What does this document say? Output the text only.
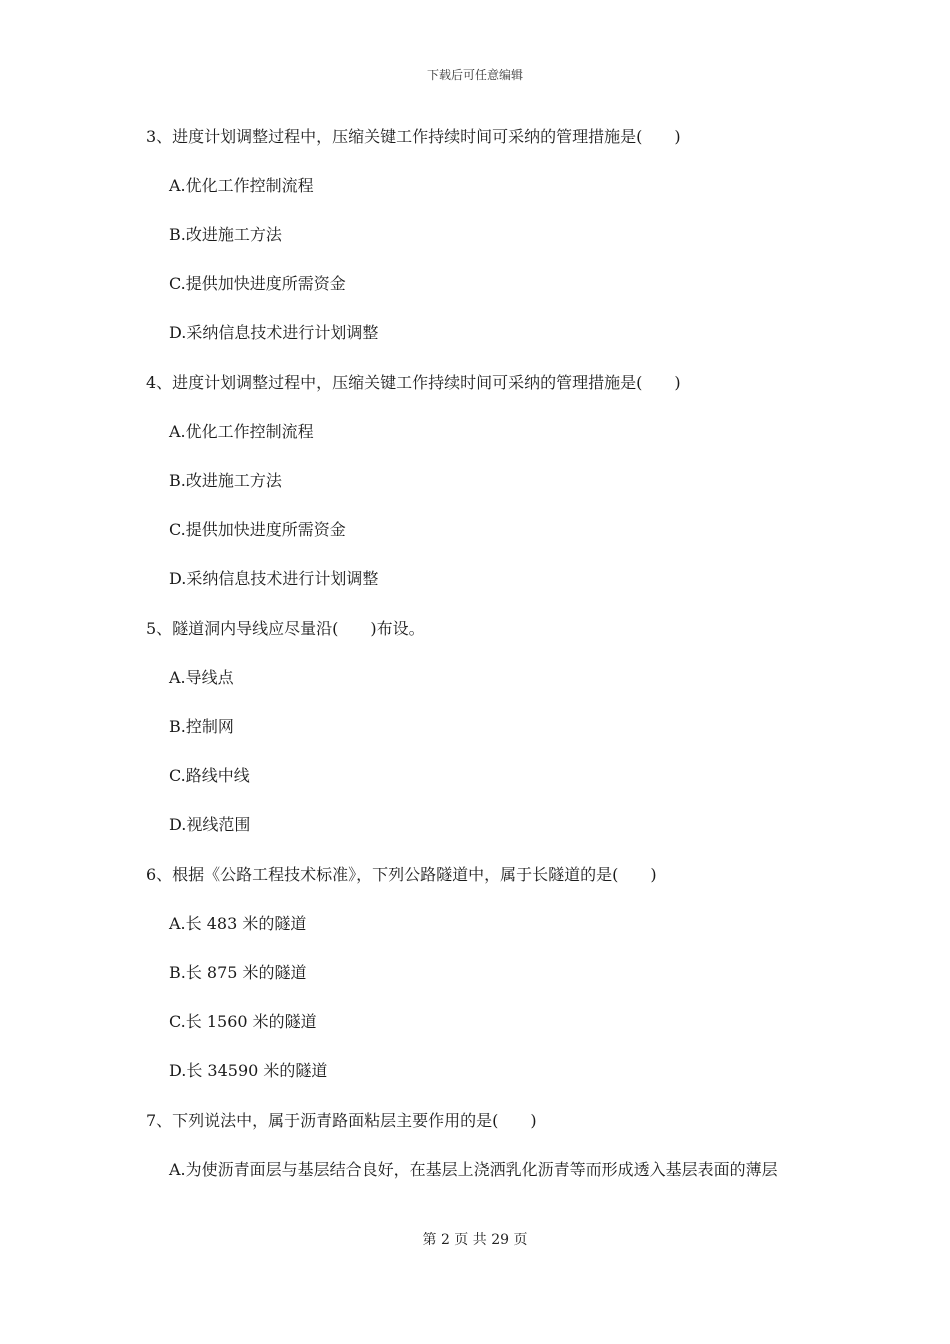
下载后可任意编辑
3、进度计划调整过程中，压缩关键工作持续时间可采纳的管理措施是(　　)
A.优化工作控制流程
B.改进施工方法
C.提供加快进度所需资金
D.采纳信息技术进行计划调整
4、进度计划调整过程中，压缩关键工作持续时间可采纳的管理措施是(　　)
A.优化工作控制流程
B.改进施工方法
C.提供加快进度所需资金
D.采纳信息技术进行计划调整
5、隧道洞内导线应尽量沿(　　)布设。
A.导线点
B.控制网
C.路线中线
D.视线范围
6、根据《公路工程技术标准》，下列公路隧道中，属于长隧道的是(　　)
A.长 483 米的隧道
B.长 875 米的隧道
C.长 1560 米的隧道
D.长 34590 米的隧道
7、下列说法中，属于沥青路面粘层主要作用的是(　　)
A.为使沥青面层与基层结合良好，在基层上浇洒乳化沥青等而形成透入基层表面的薄层
第 2 页 共 29 页
